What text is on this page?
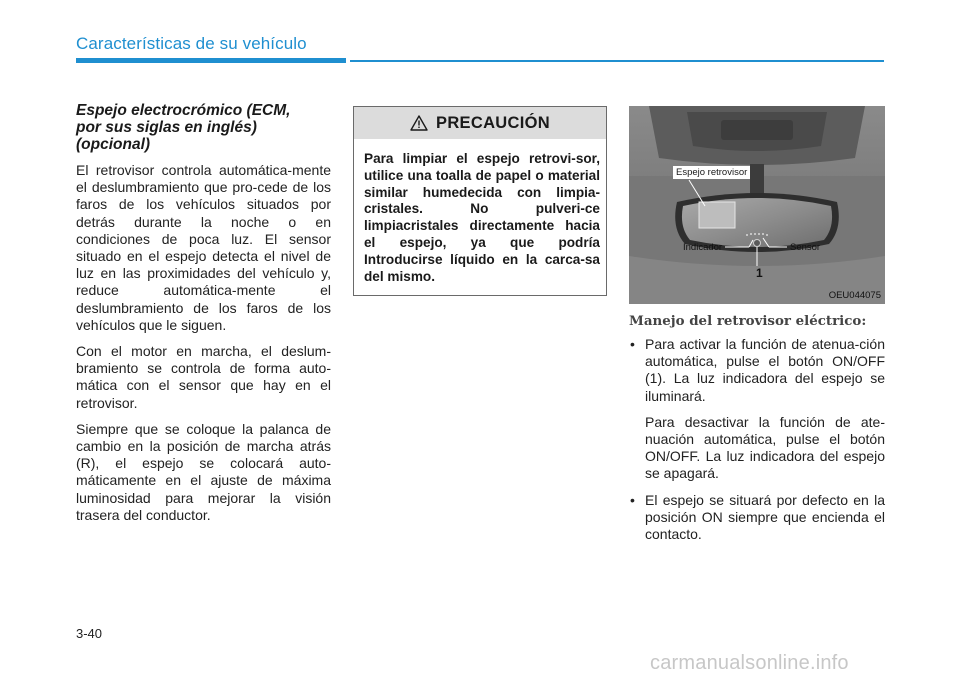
Características de su vehículo
Espejo electrocrómico (ECM,
por sus siglas en inglés)
(opcional)

El retrovisor controla automática-mente el deslumbramiento que pro-cede de los faros de los vehículos situados por detrás durante la noche o en condiciones de poca luz. El sensor situado en el espejo detecta el nivel de luz en las proximidades del vehículo y, reduce automática-mente el deslumbramiento de los faros de los vehículos que le siguen.

Con el motor en marcha, el deslum-bramiento se controla de forma auto-mática con el sensor que hay en el retrovisor.

Siempre que se coloque la palanca de cambio en la posición de marcha atrás (R), el espejo se colocará auto-máticamente en el ajuste de máxima luminosidad para mejorar la visión trasera del conductor.

PRECAUCIÓN

Para limpiar el espejo retrovi-sor, utilice una toalla de papel o material similar humedecida con limpia-cristales. No pulveri-ce limpiacristales directamente hacia el espejo, ya que podría Introducirse líquido en la carca-sa del mismo.

Espejo retrovisor
Indicador	Sensor
1
OEU044075
Manejo del retrovisor eléctrico:
• Para activar la función de atenua-ción automática, pulse el botón ON/OFF (1). La luz indicadora del espejo se iluminará.

Para desactivar la función de ate-nuación automática, pulse el botón ON/OFF. La luz indicadora del espejo se apagará.

• El espejo se situará por defecto en la posición ON siempre que encienda el contacto.

3-40
carmanualsonline.info
